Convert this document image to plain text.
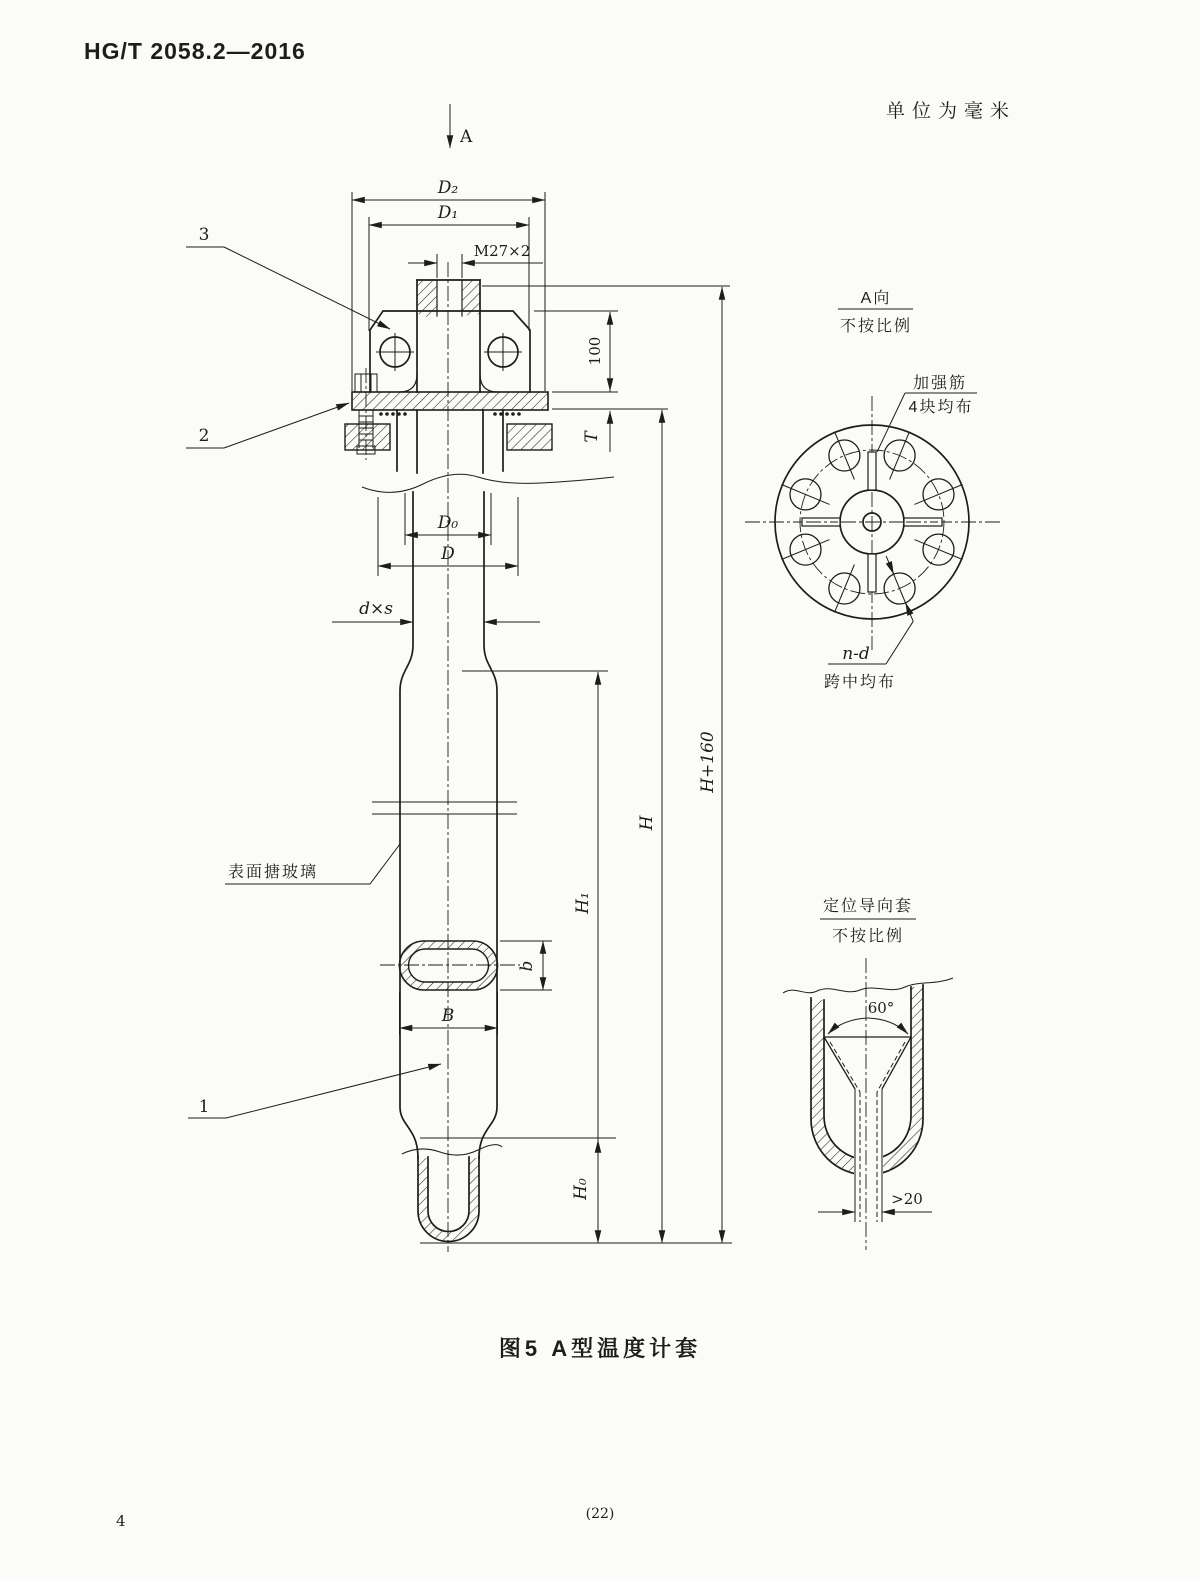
HG/T 2058.2—2016
单位为毫米
A
D₂
D₁
M27×2
100
T
D₀
D
d×s
b
B
H₁
H₀
H
H+160
3
2
1
表面搪玻璃
A向
不按比例
加强筋
4块均布
n-d
跨中均布
定位导向套
不按比例
60°
>20
图5 A型温度计套
4	(22)
